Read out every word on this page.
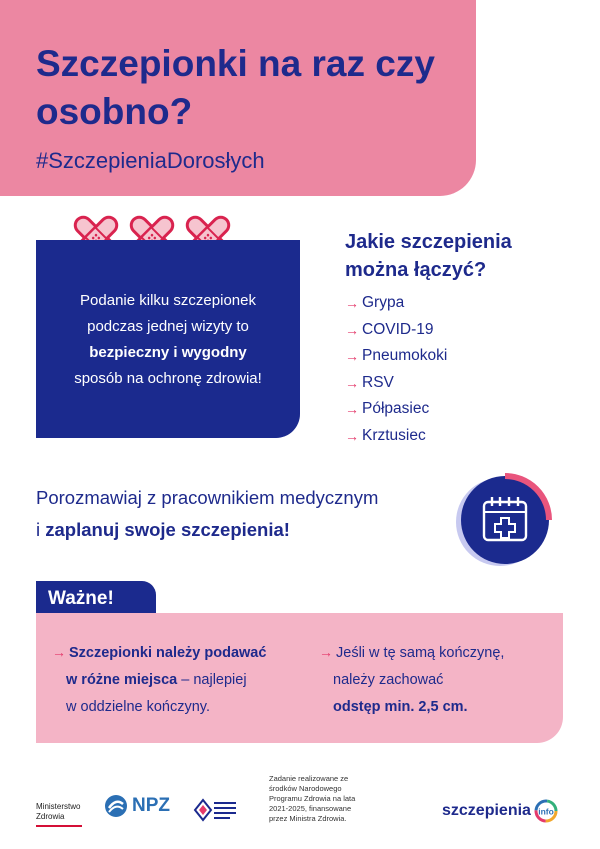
Szczepionki na raz czy osobno?
#SzczepieniaDorosłych
Podanie kilku szczepionek
podczas jednej wizyty to
bezpieczny i wygodny
sposób na ochronę zdrowia!
Jakie szczepienia można łączyć?
→ Grypa
→ COVID-19
→ Pneumokoki
→ RSV
→ Półpasiec
→ Krztusiec
Porozmawiaj z pracownikiem medycznym
i zaplanuj swoje szczepienia!
Ważne!
→ Szczepionki należy podawać
w różne miejsca – najlepiej
w oddzielne kończyny.
→ Jeśli w tę samą kończynę,
należy zachować
odstęp min. 2,5 cm.
Ministerstwo
Zdrowia
NPZ
Zadanie realizowane ze środków Narodowego Programu Zdrowia na lata 2021-2025, finansowane przez Ministra Zdrowia.	szczepienia info
